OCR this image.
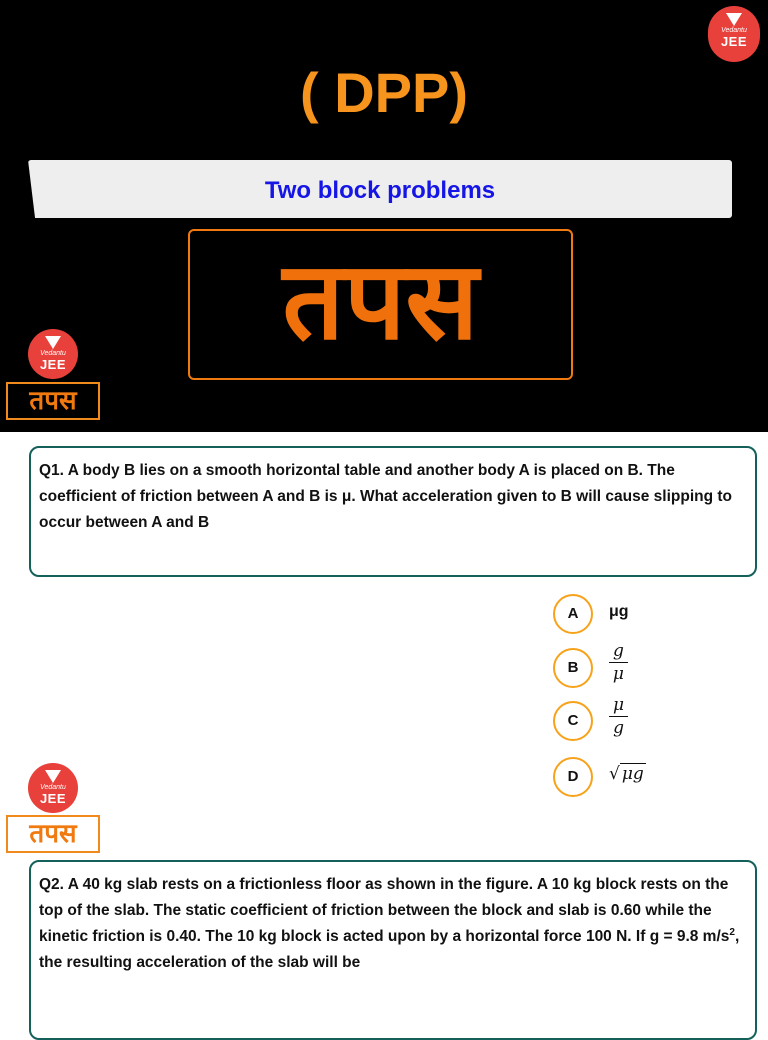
Vedantu
JEE
( DPP)
Two block problems
तपस
Vedantu
JEE
तपस
Q1. A body B lies on a smooth horizontal table and another body A is placed on B. The coefficient of friction between A and B is μ. What acceleration given to B will cause slipping to occur between A and B
A	μg
B	$\frac{g}{\mu}$
C	$\frac{\mu}{g}$
D	√ μg
Vedantu
JEE
तपस
Q2. A 40 kg slab rests on a frictionless floor as shown in the figure. A 10 kg block rests on the top of the slab. The static coefficient of friction between the block and slab is 0.60 while the kinetic friction is 0.40. The 10 kg block is acted upon by a horizontal force 100 N. If g = 9.8 $m/s^2$, the resulting acceleration of the slab will be
